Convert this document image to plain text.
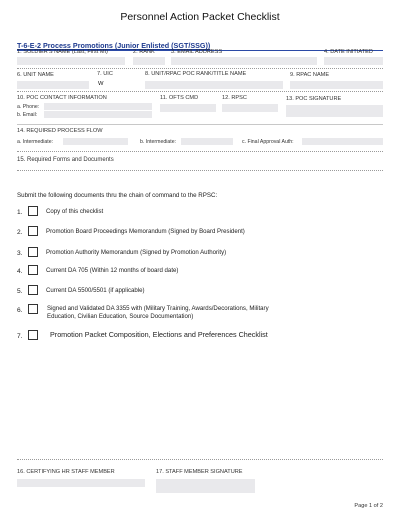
Personnel Action Packet Checklist
T-6-E-2 Process Promotions (Junior Enlisted (SGT/SSG))
1. SOLDIER'S NAME (Last, First MI)	2. RANK	3. EMAIL ADDRESS	4. DATE INITIATED
6. UNIT NAME	7. UIC
W
8. UNIT/RPAC POC RANK/TITLE NAME	9. RPAC NAME
10. POC CONTACT INFORMATION
a. Phone:
b. Email:
11. OFTS CMD	12. RPSC	13. POC SIGNATURE
14. REQUIRED PROCESS FLOW
a. Intermediate:	b. Intermediate:	c. Final Approval Auth:
15. Required Forms and Documents
Submit the following documents thru the chain of command to the RPSC:
1.	Copy of this checklist
2.	Promotion Board Proceedings Memorandum (Signed by Board President)
3.	Promotion Authority Memorandum (Signed by Promotion Authority)
4.	Current DA 705 (Within 12 months of board date)
5.	Current DA 5500/5501 (if applicable)
6.	Signed and Validated DA 3355 with (Military Training, Awards/Decorations, Military
Education, Civilian Education, Source Documentation)
7.	Promotion Packet Composition, Elections and Preferences Checklist
16. CERTIFYING HR STAFF MEMBER	17. STAFF MEMBER SIGNATURE
Page 1 of 2
